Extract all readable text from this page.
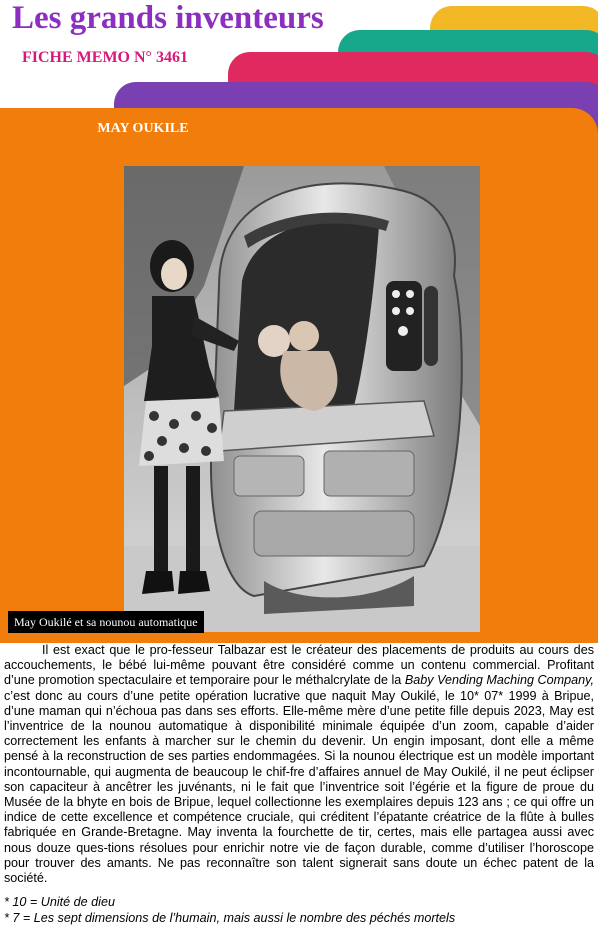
Les grands inventeurs
FICHE MEMO N° 3461
MAY OUKILE
May Oukilé et sa nounou automatique

Il est exact que le pro-fesseur Talbazar est le créateur des placements de produits au cours des accouchements, le bébé lui-même pouvant être considéré comme un contenu commercial. Profitant d’une promotion spectaculaire et temporaire pour le méthalcrylate de la Baby Vending Maching Company, c’est donc au cours d’une petite opération lucrative que naquit May Oukilé, le 10* 07* 1999 à Bripue, d’une maman qui n’échoua pas dans ses efforts. Elle-même mère d’une petite fille depuis 2023, May est l’inventrice de la nounou automatique à disponibilité minimale équipée d’un zoom, capable d’aider correctement les enfants à marcher sur le chemin du devenir. Un engin imposant, dont elle a même pensé à la reconstruction de ses parties endommagées. Si la nounou électrique est un modèle important incontournable, qui augmenta de beaucoup le chif-fre d’affaires annuel de May Oukilé, il ne peut éclipser son capaciteur à ancêtrer les juvénants, ni le fait que l’inventrice soit l’égérie et la figure de proue du Musée de la bhyte en bois de Bripue, lequel collectionne les exemplaires depuis 123 ans ; ce qui offre un indice de cette excellence et compétence cruciale, qui créditent l’épatante créatrice de la flûte à bulles fabriquée en Grande-Bretagne. May inventa la fourchette de tir, certes, mais elle partagea aussi avec nous douze ques-tions résolues pour enrichir notre vie de façon durable, comme d’utiliser l’horoscope pour trouver des amants. Ne pas reconnaître son talent signerait sans doute un échec patent de la société.

* 10 = Unité de dieu
* 7 = Les sept dimensions de l’humain, mais aussi le nombre des péchés mortels
